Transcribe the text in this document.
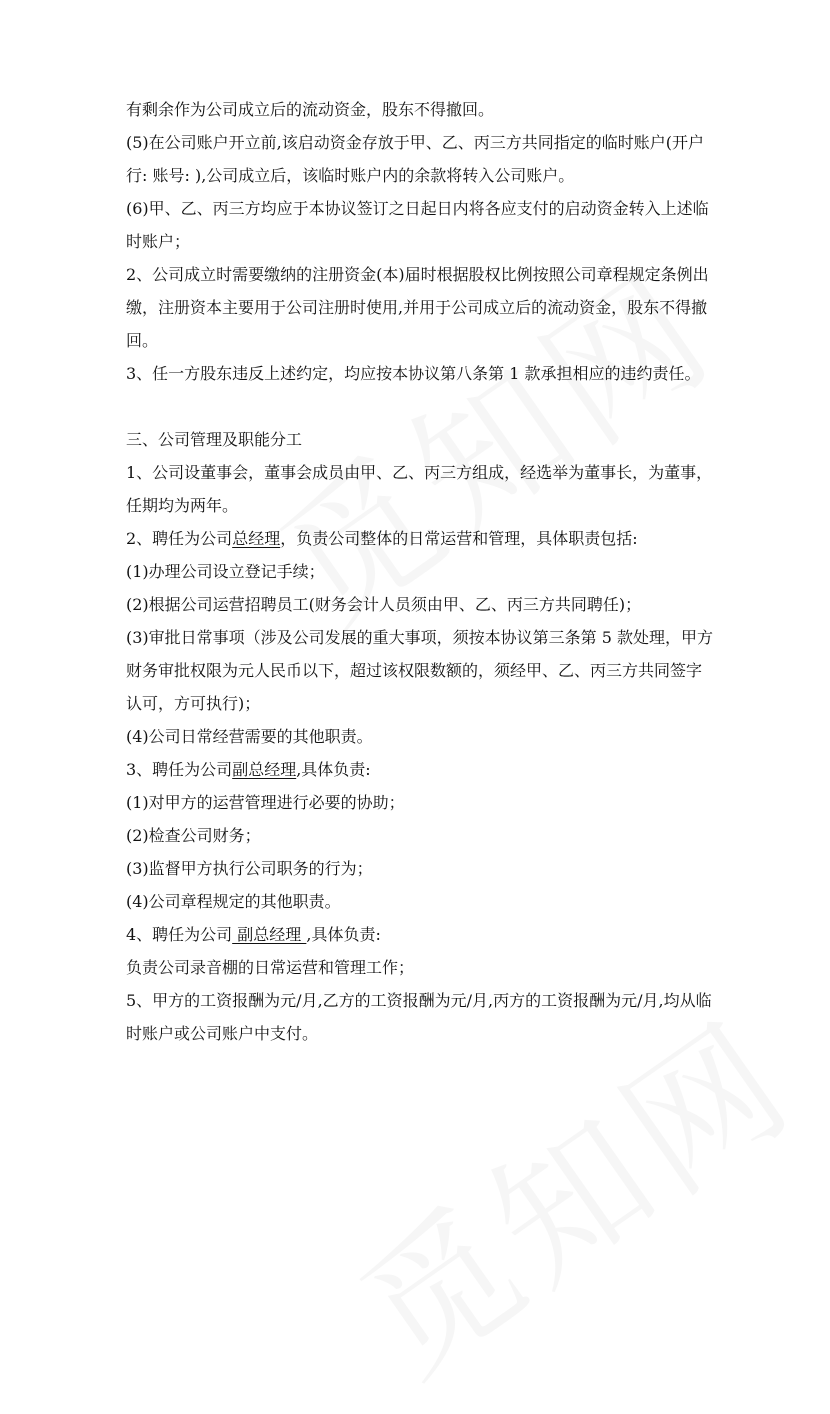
有剩余作为公司成立后的流动资金，股东不得撤回。

(5)在公司账户开立前,该启动资金存放于甲、乙、丙三方共同指定的临时账户(开户行: 账号: ),公司成立后，该临时账户内的余款将转入公司账户。

(6)甲、乙、丙三方均应于本协议签订之日起日内将各应支付的启动资金转入上述临时账户；

2、公司成立时需要缴纳的注册资金(本)届时根据股权比例按照公司章程规定条例出缴，注册资本主要用于公司注册时使用,并用于公司成立后的流动资金，股东不得撤回。

3、任一方股东违反上述约定，均应按本协议第八条第 1 款承担相应的违约责任。

三、公司管理及职能分工

1、公司设董事会，董事会成员由甲、乙、丙三方组成，经选举为董事长，为董事，任期均为两年。

2、聘任为公司总经理，负责公司整体的日常运营和管理，具体职责包括:

(1)办理公司设立登记手续；

(2)根据公司运营招聘员工(财务会计人员须由甲、乙、丙三方共同聘任)；

(3)审批日常事项（涉及公司发展的重大事项，须按本协议第三条第 5 款处理，甲方财务审批权限为元人民币以下，超过该权限数额的，须经甲、乙、丙三方共同签字认可，方可执行)；

(4)公司日常经营需要的其他职责。

3、聘任为公司副总经理,具体负责:

(1)对甲方的运营管理进行必要的协助；

(2)检查公司财务；

(3)监督甲方执行公司职务的行为；

(4)公司章程规定的其他职责。

4、聘任为公司 副总经理 ,具体负责:

负责公司录音棚的日常运营和管理工作；

5、甲方的工资报酬为元/月,乙方的工资报酬为元/月,丙方的工资报酬为元/月,均从临时账户或公司账户中支付。
